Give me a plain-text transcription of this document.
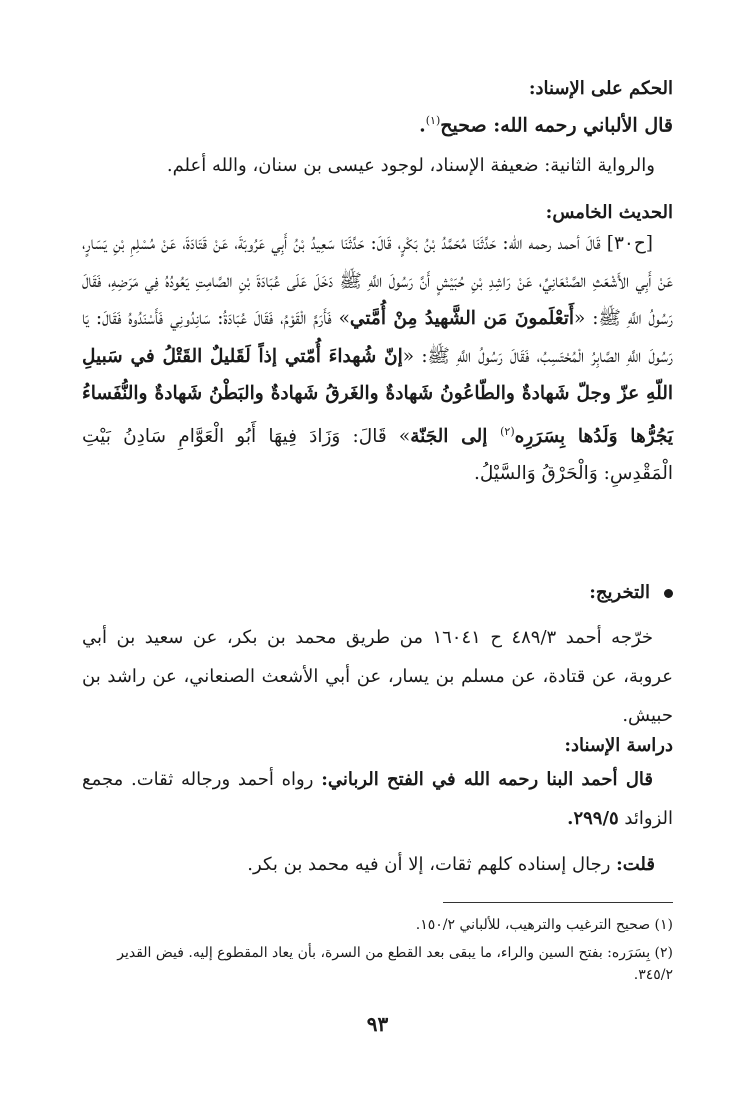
الحكم على الإسناد:
قال الألباني رحمه الله: صحيح$^{(١)}$.
والرواية الثانية: ضعيفة الإسناد، لوجود عيسى بن سنان، والله أعلم.
الحديث الخامس:
[ح٣٠] قَالَ أحمد رحمه الله: حَدَّثَنَا مُحَمَّدُ بْنُ بَكْرٍ، قَالَ: حَدَّثَنَا سَعِيدُ بْنُ أَبِي عَرُوبَةَ، عَنْ قَتَادَةَ، عَنْ مُسْلِمِ بْنِ يَسَارٍ، عَنْ أَبِي الأَشْعَثِ الصَّنْعَانِيِّ، عَنْ رَاشِدِ بْنِ حُبَيْشٍ أَنَّ رَسُولَ اللَّهِ ﷺ دَخَلَ عَلَى عُبَادَةَ بْنِ الصَّامِتِ يَعُودُهُ فِي مَرَضِهِ، فَقَالَ رَسُولُ اللَّهِ ﷺ: «أَتعْلَمونَ مَن الشَّهيدُ مِنْ أُمَّتي» فَأَرَمَّ الْقَوْمُ، فَقَالَ عُبَادَةُ: سَانِدُونِي فَأَسْنَدُوهُ فَقَالَ: يَا رَسُولَ اللَّهِ الصَّابِرُ الْمُحْتَسِبُ، فَقَالَ رَسُولُ اللَّهِ ﷺ: «إنّ شُهداءَ أُمّتي إذاً لَقَليلٌ القَتْلُ في سَبيلِ اللّهِ عزّ وجلّ شَهادةٌ والطّاعُونُ شَهادةٌ والغَرقُ شَهادةٌ والبَطْنُ شَهادةٌ والنُّفَساءُ يَجُرُّها وَلَدُها بِسَرَرِه$^{(٢)}$ إلى الجَنّة» قَالَ: وَزَادَ فِيهَا أَبُو الْعَوَّامِ سَادِنُ بَيْتِ الْمَقْدِسِ: وَالْحَرْقُ وَالسَّيْلُ.
التخريج:
خرّجه أحمد ٤٨٩/٣ ح ١٦٠٤١ من طريق محمد بن بكر، عن سعيد بن أبي عروبة، عن قتادة، عن مسلم بن يسار، عن أبي الأشعث الصنعاني، عن راشد بن حبيش.
دراسة الإسناد:
قال أحمد البنا رحمه الله في الفتح الرباني: رواه أحمد ورجاله ثقات. مجمع الزوائد ٢٩٩/٥.
قلت: رجال إسناده كلهم ثقات، إلا أن فيه محمد بن بكر.
(١) صحيح الترغيب والترهيب، للألباني ١٥٠/٢.
(٢) بِسَرَره: بفتح السين والراء، ما يبقى بعد القطع من السرة، بأن يعاد المقطوع إليه. فيض القدير ٣٤٥/٢.
٩٣
